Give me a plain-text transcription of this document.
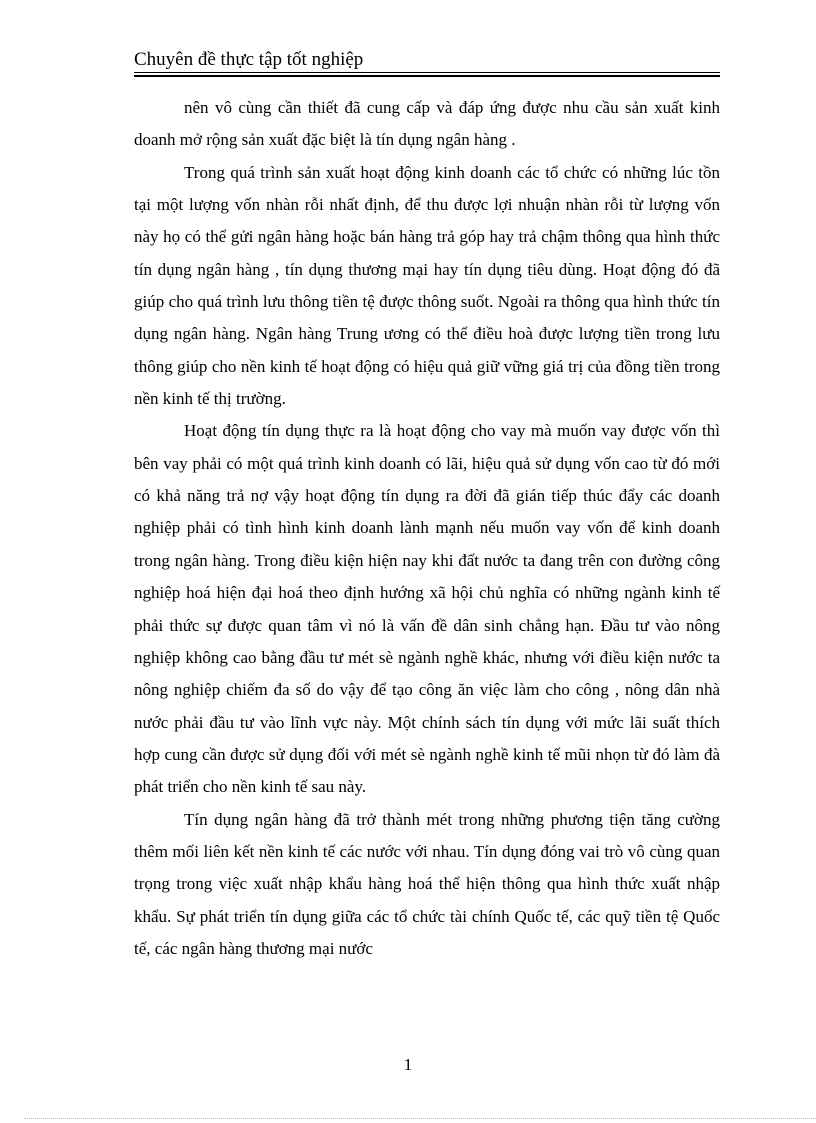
Chuyên đề thực tập tốt nghiệp

nên vô cùng cần thiết đã cung cấp và đáp ứng được nhu cầu sản xuất kinh doanh mở rộng sản xuất đặc biệt là tín dụng ngân hàng .

Trong quá trình sản xuất hoạt động kinh doanh các tổ chức có những lúc tồn tại một lượng vốn nhàn rỗi nhất định, để thu được lợi nhuận nhàn rỗi từ lượng vốn này họ có thể gửi ngân hàng hoặc bán hàng trả góp hay trả chậm thông qua hình thức tín dụng ngân hàng , tín dụng thương mại hay tín dụng tiêu dùng. Hoạt động đó đã giúp cho quá trình lưu thông tiền tệ được thông suốt. Ngoài ra thông qua hình thức tín dụng ngân hàng. Ngân hàng Trung ương có thể điều hoà được lượng tiền trong lưu thông giúp cho nền kinh tế hoạt động có hiệu quả giữ vững giá trị của đồng tiền trong nền kinh tế thị trường.

Hoạt động tín dụng thực ra là hoạt động cho vay mà muốn vay được vốn thì bên vay phải có một quá trình kinh doanh có lãi, hiệu quả sử dụng vốn cao từ đó mới có khả năng trả nợ vậy hoạt động tín dụng ra đời đã gián tiếp thúc đẩy các doanh nghiệp phải có tình hình kinh doanh lành mạnh nếu muốn vay vốn để kinh doanh trong ngân hàng. Trong điều kiện hiện nay khi đất nước ta đang trên con đường công nghiệp hoá hiện đại hoá theo định hướng xã hội chủ nghĩa có những ngành kinh tế phải thức sự được quan tâm vì nó là vấn đề dân sinh chẳng hạn. Đầu tư vào nông nghiệp không cao bằng đầu tư mét sè ngành nghề khác, nhưng với điều kiện nước ta nông nghiệp chiếm đa số do vậy để tạo công ăn việc làm cho công , nông dân nhà nước phải đầu tư vào lĩnh vực này. Một chính sách tín dụng với mức lãi suất thích hợp cung cần được sử dụng đối với mét sè ngành nghề kinh tế mũi nhọn từ đó làm đà phát triển cho nền kinh tế sau này.

Tín dụng ngân hàng đã trở thành mét trong những phương tiện tăng cường thêm mối liên kết nền kinh tế các nước với nhau. Tín dụng đóng vai trò vô cùng quan trọng trong việc xuất nhập khẩu hàng hoá thể hiện thông qua hình thức xuất nhập khẩu. Sự phát triển tín dụng giữa các tổ chức tài chính Quốc tế, các quỹ tiền tệ Quốc tế, các ngân hàng thương mại nước

1
